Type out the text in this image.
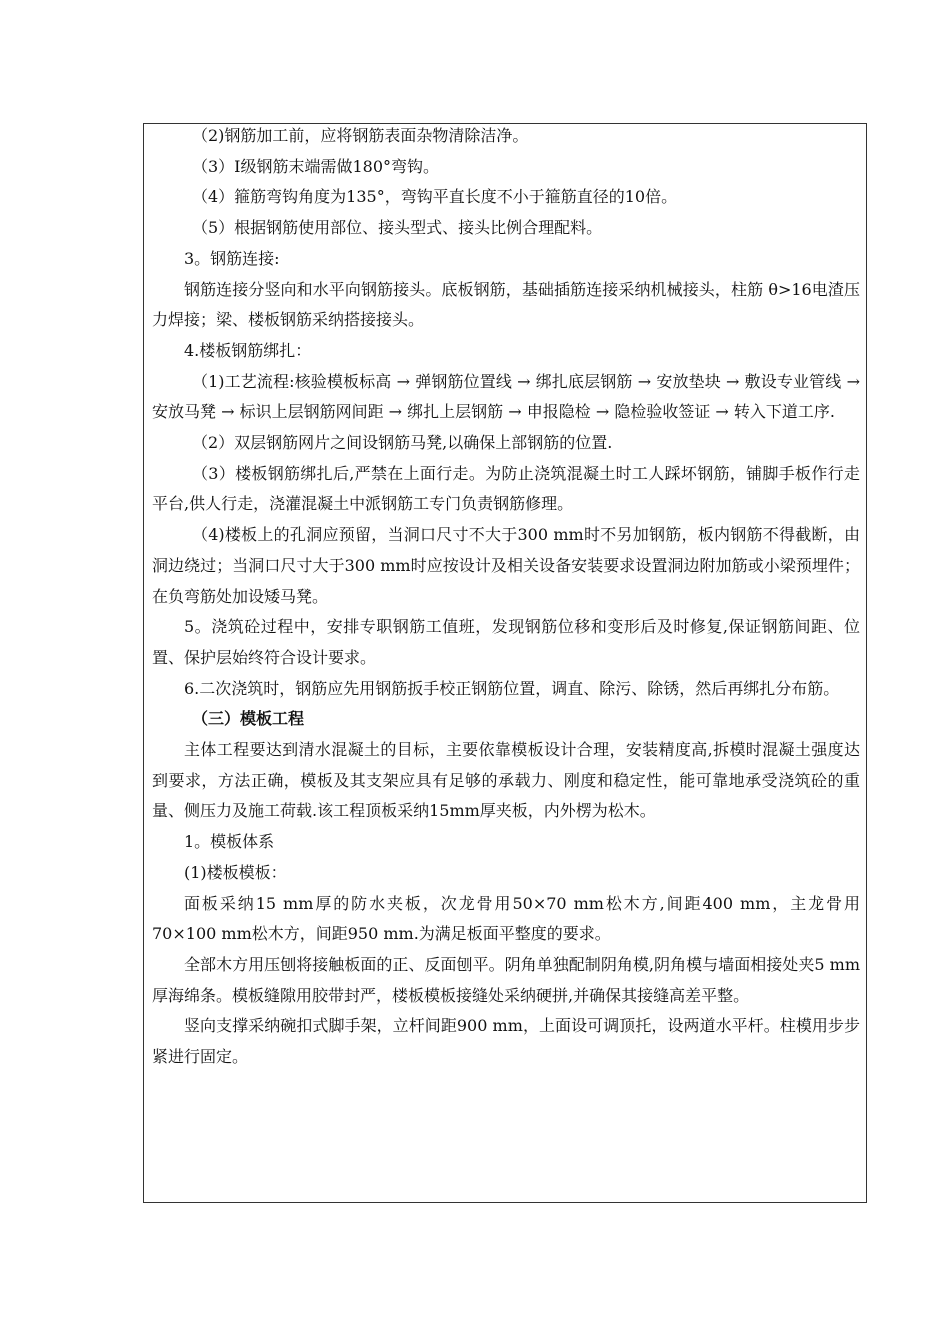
（2)钢筋加工前，应将钢筋表面杂物清除洁净。

（3）Ⅰ级钢筋末端需做180°弯钩。

（4）箍筋弯钩角度为135°，弯钩平直长度不小于箍筋直径的10倍。

（5）根据钢筋使用部位、接头型式、接头比例合理配料。

3。钢筋连接:

钢筋连接分竖向和水平向钢筋接头。底板钢筋，基础插筋连接采纳机械接头，柱筋 θ>16电渣压力焊接；梁、楼板钢筋采纳搭接接头。

4.楼板钢筋绑扎：

（1)工艺流程:核验模板标高 → 弹钢筋位置线 → 绑扎底层钢筋 → 安放垫块 → 敷设专业管线 → 安放马凳 → 标识上层钢筋网间距 → 绑扎上层钢筋 → 申报隐检 → 隐检验收签证 → 转入下道工序.

（2）双层钢筋网片之间设钢筋马凳,以确保上部钢筋的位置.

（3）楼板钢筋绑扎后,严禁在上面行走。为防止浇筑混凝土时工人踩坏钢筋，铺脚手板作行走平台,供人行走，浇灌混凝土中派钢筋工专门负责钢筋修理。

（4)楼板上的孔洞应预留，当洞口尺寸不大于300 mm时不另加钢筋，板内钢筋不得截断，由洞边绕过；当洞口尺寸大于300 mm时应按设计及相关设备安装要求设置洞边附加筋或小梁预埋件；在负弯筋处加设矮马凳。

5。浇筑砼过程中，安排专职钢筋工值班，发现钢筋位移和变形后及时修复,保证钢筋间距、位置、保护层始终符合设计要求。

6.二次浇筑时，钢筋应先用钢筋扳手校正钢筋位置，调直、除污、除锈，然后再绑扎分布筋。

（三）模板工程

主体工程要达到清水混凝土的目标，主要依靠模板设计合理，安装精度高,拆模时混凝土强度达到要求，方法正确，模板及其支架应具有足够的承载力、刚度和稳定性，能可靠地承受浇筑砼的重量、侧压力及施工荷载.该工程顶板采纳15mm厚夹板，内外楞为松木。

1。模板体系

(1)楼板模板：

面板采纳15 mm厚的防水夹板，次龙骨用50×70 mm松木方,间距400 mm，主龙骨用70×100 mm松木方，间距950 mm.为满足板面平整度的要求。

全部木方用压刨将接触板面的正、反面刨平。阴角单独配制阴角模,阴角模与墙面相接处夹5 mm厚海绵条。模板缝隙用胶带封严，楼板模板接缝处采纳硬拼,并确保其接缝高差平整。

竖向支撑采纳碗扣式脚手架，立杆间距900 mm，上面设可调顶托，设两道水平杆。柱模用步步紧进行固定。
